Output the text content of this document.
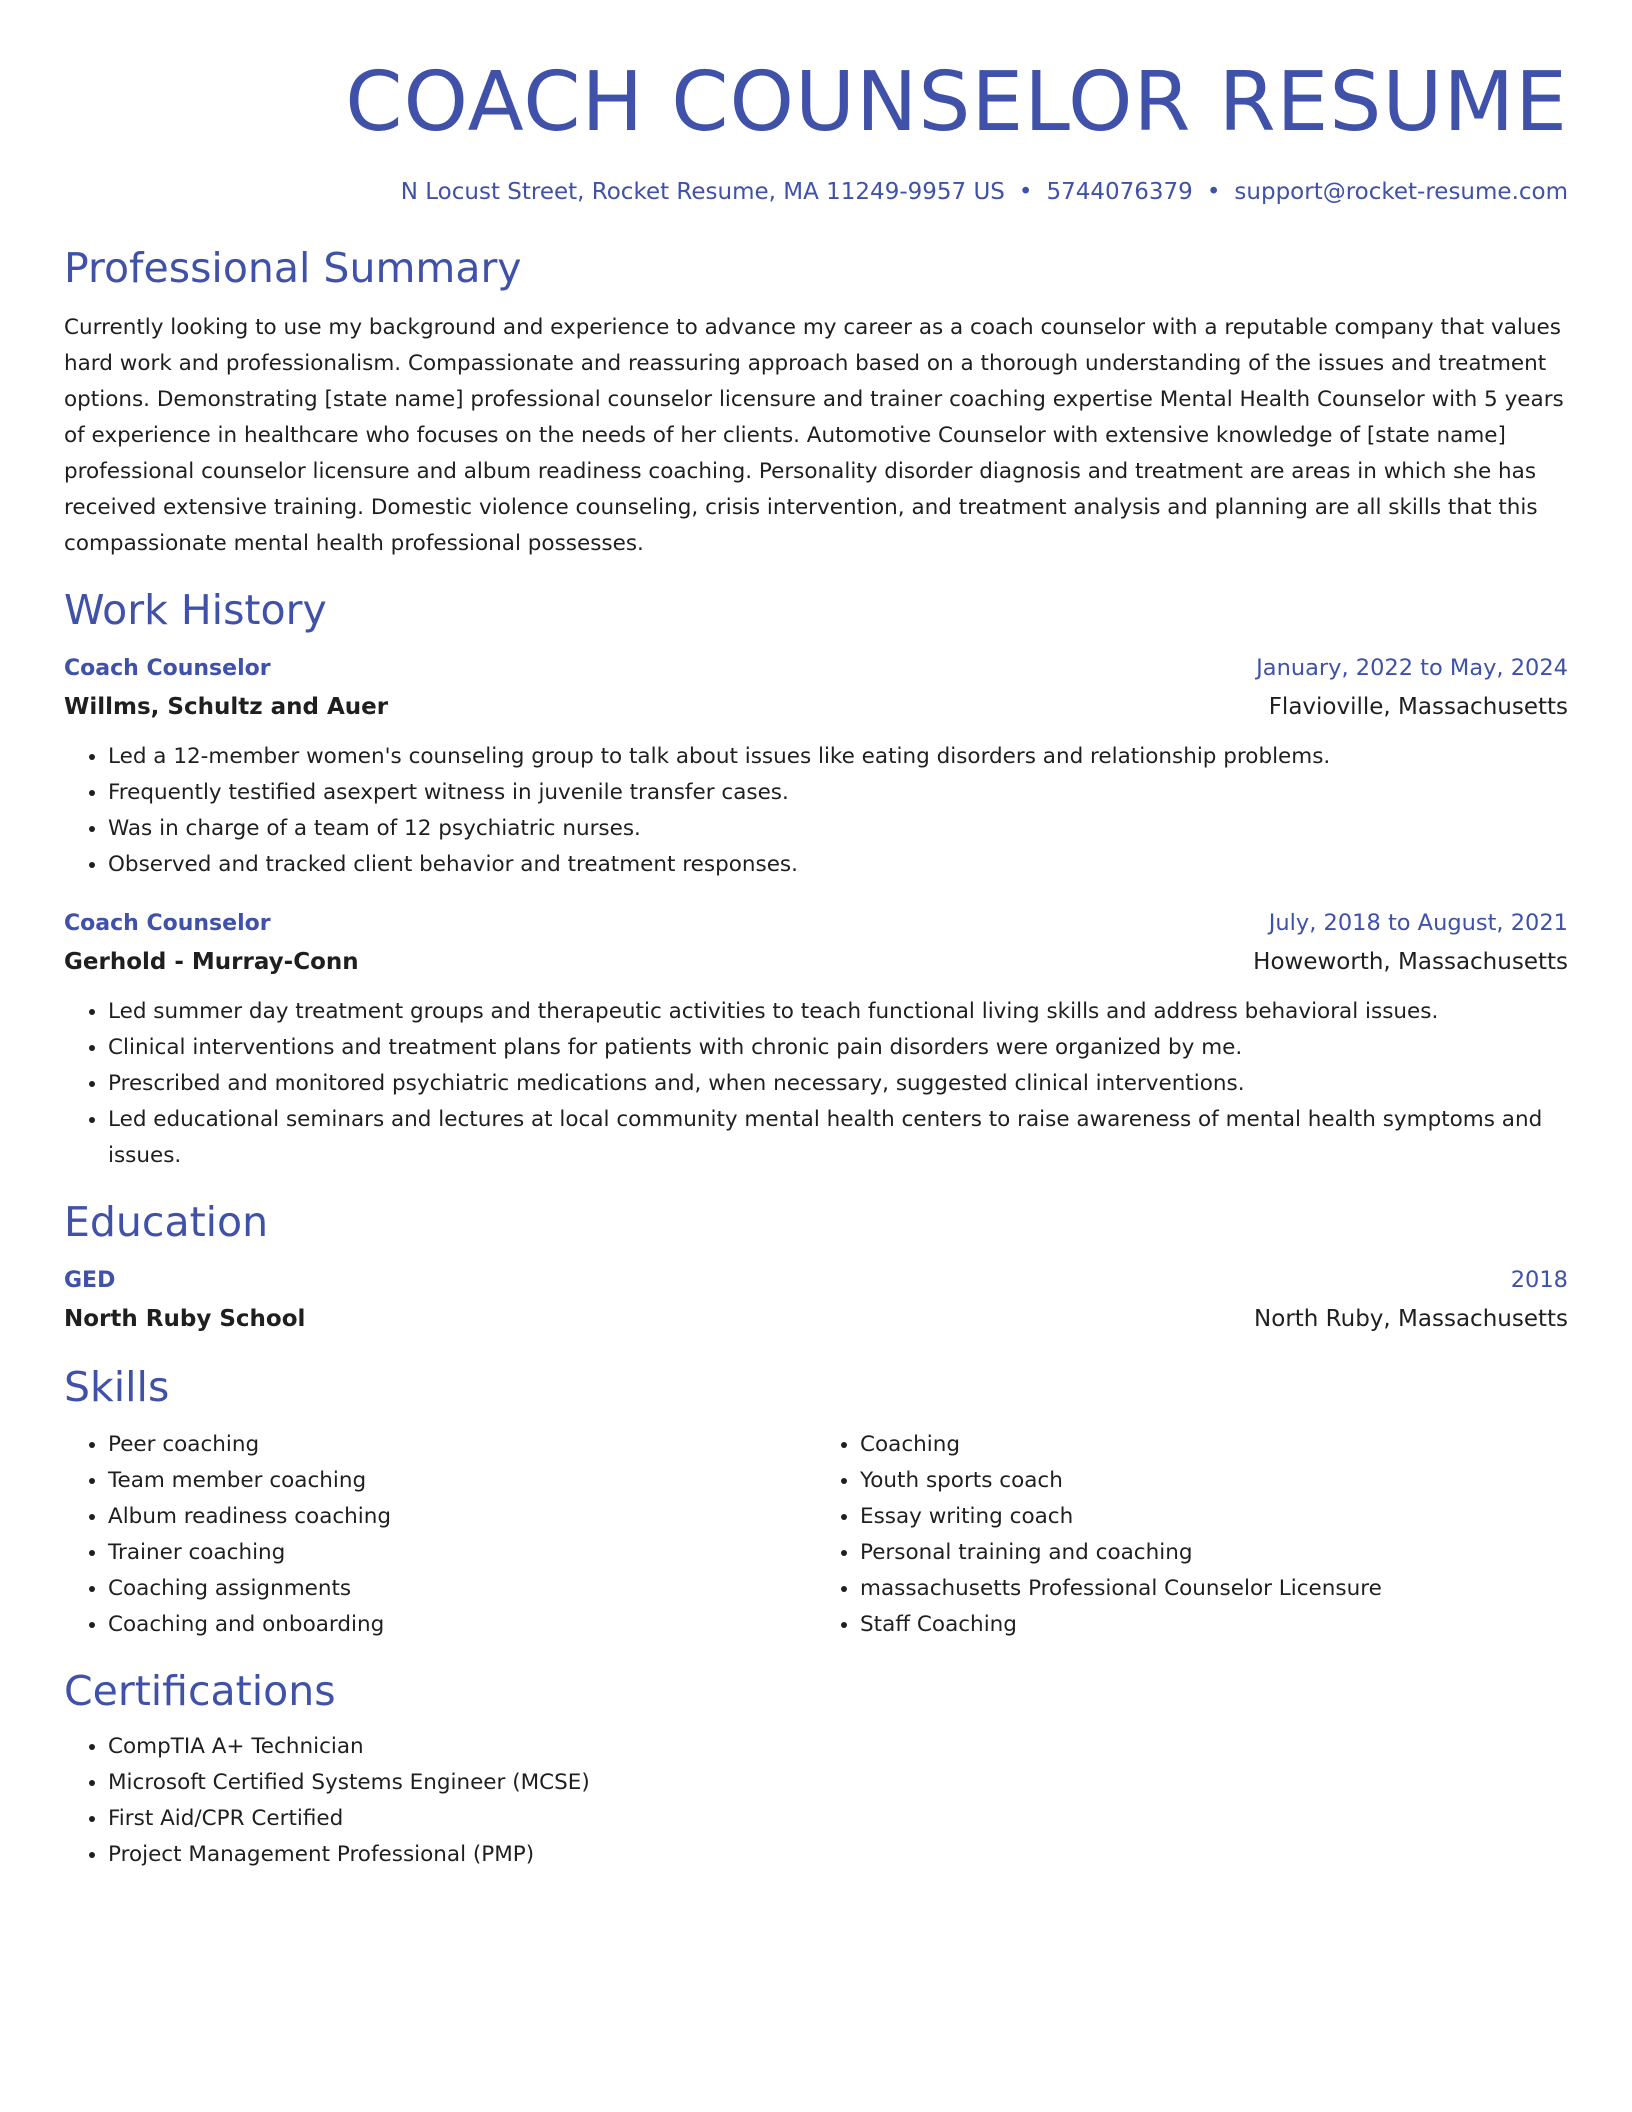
COACH COUNSELOR RESUME
N Locust Street, Rocket Resume, MA 11249-9957 US • 5744076379 • support@rocket-resume.com
Professional Summary

Currently looking to use my background and experience to advance my career as a coach counselor with a reputable company that values hard work and professionalism. Compassionate and reassuring approach based on a thorough understanding of the issues and treatment options. Demonstrating [state name] professional counselor licensure and trainer coaching expertise Mental Health Counselor with 5 years of experience in healthcare who focuses on the needs of her clients. Automotive Counselor with extensive knowledge of [state name] professional counselor licensure and album readiness coaching. Personality disorder diagnosis and treatment are areas in which she has received extensive training. Domestic violence counseling, crisis intervention, and treatment analysis and planning are all skills that this compassionate mental health professional possesses.

Work History
Coach Counselor	January, 2022 to May, 2024
Willms, Schultz and Auer	Flavioville, Massachusetts
• Led a 12-member women's counseling group to talk about issues like eating disorders and relationship problems.
• Frequently testified asexpert witness in juvenile transfer cases.
• Was in charge of a team of 12 psychiatric nurses.
• Observed and tracked client behavior and treatment responses.
Coach Counselor	July, 2018 to August, 2021
Gerhold - Murray-Conn	Howeworth, Massachusetts
• Led summer day treatment groups and therapeutic activities to teach functional living skills and address behavioral issues.
• Clinical interventions and treatment plans for patients with chronic pain disorders were organized by me.
• Prescribed and monitored psychiatric medications and, when necessary, suggested clinical interventions.
• Led educational seminars and lectures at local community mental health centers to raise awareness of mental health symptoms and issues.
Education
GED	2018
North Ruby School	North Ruby, Massachusetts
Skills
• Peer coaching
• Team member coaching
• Album readiness coaching
• Trainer coaching
• Coaching assignments
• Coaching and onboarding
• Coaching
• Youth sports coach
• Essay writing coach
• Personal training and coaching
• massachusetts Professional Counselor Licensure
• Staff Coaching
Certifications
• CompTIA A+ Technician
• Microsoft Certified Systems Engineer (MCSE)
• First Aid/CPR Certified
• Project Management Professional (PMP)
